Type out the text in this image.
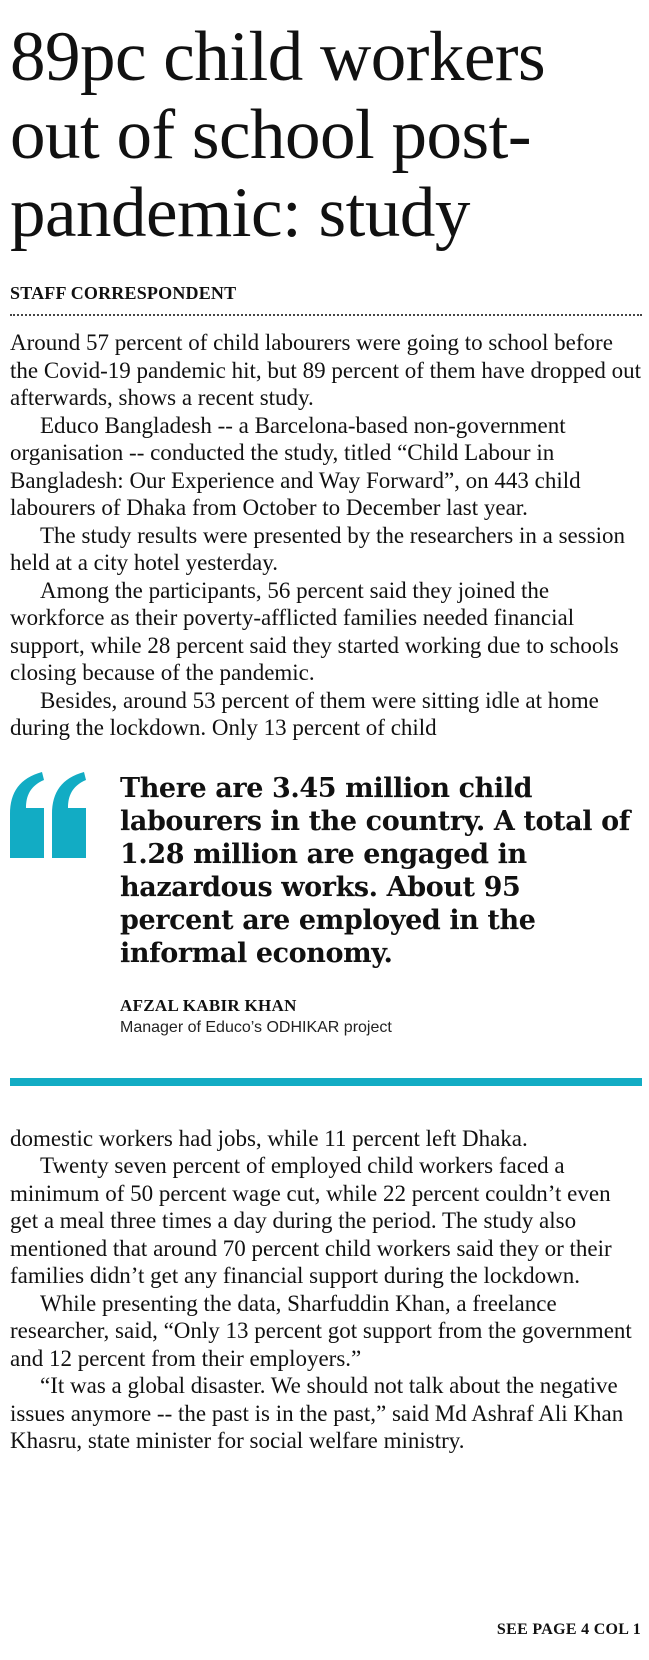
89pc child workers
out of school post-
pandemic: study
STAFF CORRESPONDENT

Around 57 percent of child labourers were going to school before the Covid-19 pandemic hit, but 89 percent of them have dropped out afterwards, shows a recent study.

Educo Bangladesh -- a Barcelona-based non-government organisation -- conducted the study, titled “Child Labour in Bangladesh: Our Experience and Way Forward”, on 443 child labourers of Dhaka from October to December last year.

The study results were presented by the researchers in a session held at a city hotel yesterday.

Among the participants, 56 percent said they joined the workforce as their poverty-afflicted families needed financial support, while 28 percent said they started working due to schools closing because of the pandemic.

Besides, around 53 percent of them were sitting idle at home during the lockdown. Only 13 percent of child

There are 3.45 million child labourers in the country. A total of 1.28 million are engaged in hazardous works. About 95 percent are employed in the informal economy.
AFZAL KABIR KHAN
Manager of Educo’s ODHIKAR project

domestic workers had jobs, while 11 percent left Dhaka.

Twenty seven percent of employed child workers faced a minimum of 50 percent wage cut, while 22 percent couldn’t even get a meal three times a day during the period. The study also mentioned that around 70 percent child workers said they or their families didn’t get any financial support during the lockdown.

While presenting the data, Sharfuddin Khan, a freelance researcher, said, “Only 13 percent got support from the government and 12 percent from their employers.”

“It was a global disaster. We should not talk about the negative issues anymore -- the past is in the past,” said Md Ashraf Ali Khan Khasru, state minister for social welfare ministry.

SEE PAGE 4 COL 1
